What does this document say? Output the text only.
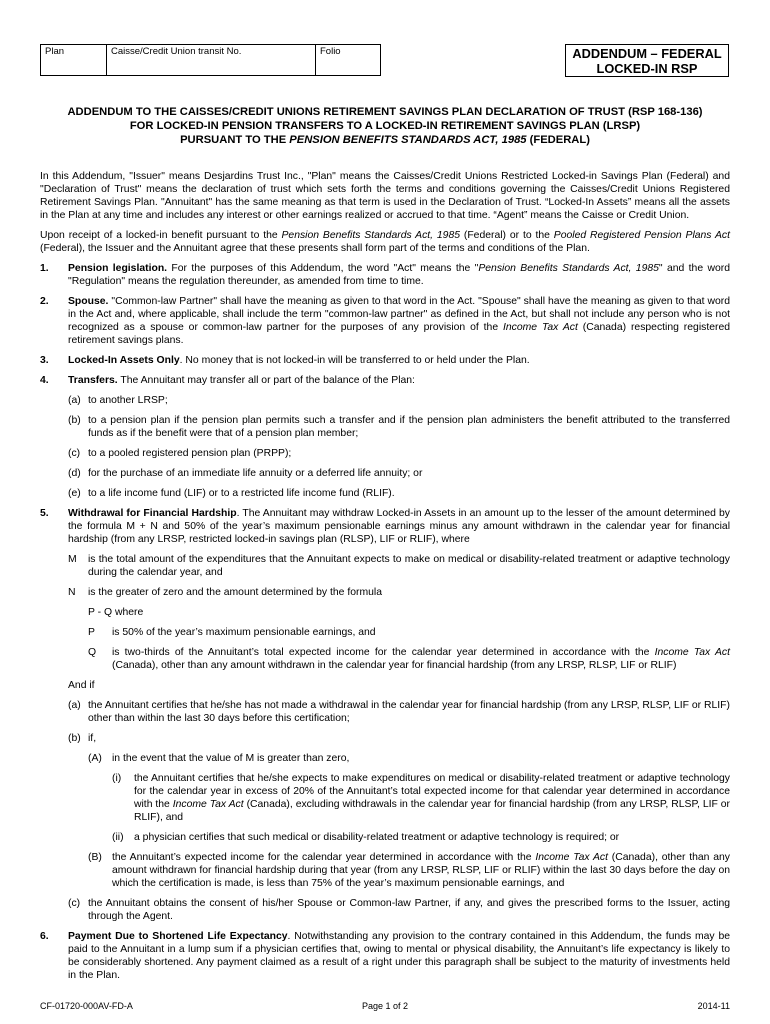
Plan	Caisse/Credit Union transit No.	Folio	ADDENDUM – FEDERAL
LOCKED-IN RSP
ADDENDUM TO THE CAISSES/CREDIT UNIONS RETIREMENT SAVINGS PLAN DECLARATION OF TRUST (RSP 168-136)
FOR LOCKED-IN PENSION TRANSFERS TO A LOCKED-IN RETIREMENT SAVINGS PLAN (LRSP)
PURSUANT TO THE PENSION BENEFITS STANDARDS ACT, 1985 (FEDERAL)

In this Addendum, "Issuer" means Desjardins Trust Inc., "Plan" means the Caisses/Credit Unions Restricted Locked-in Savings Plan (Federal) and "Declaration of Trust" means the declaration of trust which sets forth the terms and conditions governing the Caisses/Credit Unions Registered Retirement Savings Plan. "Annuitant" has the same meaning as that term is used in the Declaration of Trust. “Locked-In Assets” means all the assets in the Plan at any time and includes any interest or other earnings realized or accrued to that time. “Agent” means the Caisse or Credit Union.

Upon receipt of a locked-in benefit pursuant to the Pension Benefits Standards Act, 1985 (Federal) or to the Pooled Registered Pension Plans Act (Federal), the Issuer and the Annuitant agree that these presents shall form part of the terms and conditions of the Plan.

1.	Pension legislation. For the purposes of this Addendum, the word "Act" means the "Pension Benefits Standards Act, 1985" and the word "Regulation" means the regulation thereunder, as amended from time to time.
2.	Spouse. "Common-law Partner" shall have the meaning as given to that word in the Act. "Spouse" shall have the meaning as given to that word in the Act and, where applicable, shall include the term "common-law partner" as defined in the Act, but shall not include any person who is not recognized as a spouse or common-law partner for the purposes of any provision of the Income Tax Act (Canada) respecting registered retirement savings plans.
3.	Locked-In Assets Only. No money that is not locked-in will be transferred to or held under the Plan.
4.	Transfers. The Annuitant may transfer all or part of the balance of the Plan:
(a) to another LRSP;
(b) to a pension plan if the pension plan permits such a transfer and if the pension plan administers the benefit attributed to the transferred funds as if the benefit were that of a pension plan member;
(c) to a pooled registered pension plan (PRPP);
(d) for the purchase of an immediate life annuity or a deferred life annuity; or
(e) to a life income fund (LIF) or to a restricted life income fund (RLIF).
5.	Withdrawal for Financial Hardship. The Annuitant may withdraw Locked-in Assets in an amount up to the lesser of the amount determined by the formula M + N and 50% of the year’s maximum pensionable earnings minus any amount withdrawn in the calendar year for financial hardship (from any LRSP, restricted locked-in savings plan (RLSP), LIF or RLIF), where
M	is the total amount of the expenditures that the Annuitant expects to make on medical or disability-related treatment or adaptive technology during the calendar year, and
N	is the greater of zero and the amount determined by the formula
P - Q where
P	is 50% of the year’s maximum pensionable earnings, and
Q	is two-thirds of the Annuitant’s total expected income for the calendar year determined in accordance with the Income Tax Act (Canada), other than any amount withdrawn in the calendar year for financial hardship (from any LRSP, RLSP, LIF or RLIF)
And if
(a) the Annuitant certifies that he/she has not made a withdrawal in the calendar year for financial hardship (from any LRSP, RLSP, LIF or RLIF) other than within the last 30 days before this certification;
(b) if,
(A) in the event that the value of M is greater than zero,
(i)	the Annuitant certifies that he/she expects to make expenditures on medical or disability-related treatment or adaptive technology for the calendar year in excess of 20% of the Annuitant’s total expected income for that calendar year determined in accordance with the Income Tax Act (Canada), excluding withdrawals in the calendar year for financial hardship (from any LRSP, RLSP, LIF or RLIF), and
(ii)	a physician certifies that such medical or disability-related treatment or adaptive technology is required; or
(B) the Annuitant’s expected income for the calendar year determined in accordance with the Income Tax Act (Canada), other than any amount withdrawn for financial hardship during that year (from any LRSP, RLSP, LIF or RLIF) within the last 30 days before the day on which the certification is made, is less than 75% of the year’s maximum pensionable earnings, and
(c) the Annuitant obtains the consent of his/her Spouse or Common-law Partner, if any, and gives the prescribed forms to the Issuer, acting through the Agent.
6.	Payment Due to Shortened Life Expectancy. Notwithstanding any provision to the contrary contained in this Addendum, the funds may be paid to the Annuitant in a lump sum if a physician certifies that, owing to mental or physical disability, the Annuitant’s life expectancy is likely to be considerably shortened. Any payment claimed as a result of a right under this paragraph shall be subject to the maturity of investments held in the Plan.
CF-01720-000AV-FD-A	Page 1 of 2	2014-11
